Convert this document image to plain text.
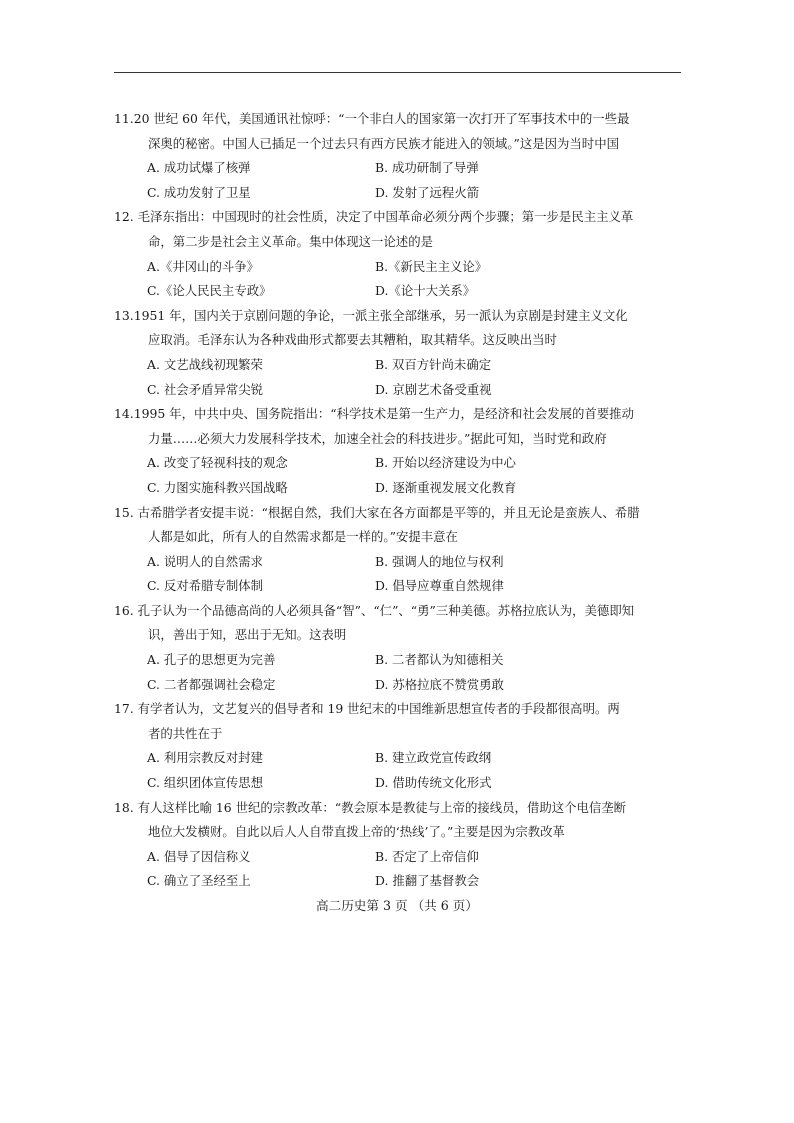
11.20 世纪 60 年代，美国通讯社惊呼：“一个非白人的国家第一次打开了军事技术中的一些最
深奥的秘密。中国人已插足一个过去只有西方民族才能进入的领域。”这是因为当时中国

A. 成功试爆了核弹	B. 成功研制了导弹
C. 成功发射了卫星	D. 发射了远程火箭

12. 毛泽东指出：中国现时的社会性质，决定了中国革命必须分两个步骤；第一步是民主主义革
命，第二步是社会主义革命。集中体现这一论述的是

A.《井冈山的斗争》	B.《新民主主义论》
C.《论人民民主专政》	D.《论十大关系》

13.1951 年，国内关于京剧问题的争论，一派主张全部继承，另一派认为京剧是封建主义文化
应取消。毛泽东认为各种戏曲形式都要去其糟粕，取其精华。这反映出当时

A. 文艺战线初现繁荣	B. 双百方针尚未确定
C. 社会矛盾异常尖锐	D. 京剧艺术备受重视

14.1995 年，中共中央、国务院指出：“科学技术是第一生产力，是经济和社会发展的首要推动
力量……必须大力发展科学技术，加速全社会的科技进步。”据此可知，当时党和政府

A. 改变了轻视科技的观念	B. 开始以经济建设为中心
C. 力图实施科教兴国战略	D. 逐渐重视发展文化教育

15. 古希腊学者安提丰说：“根据自然，我们大家在各方面都是平等的，并且无论是蛮族人、希腊
人都是如此，所有人的自然需求都是一样的。”安提丰意在

A. 说明人的自然需求	B. 强调人的地位与权利
C. 反对希腊专制体制	D. 倡导应尊重自然规律

16. 孔子认为一个品德高尚的人必须具备“智”、“仁”、“勇”三种美德。苏格拉底认为，美德即知
识，善出于知，恶出于无知。这表明

A. 孔子的思想更为完善	B. 二者都认为知德相关
C. 二者都强调社会稳定	D. 苏格拉底不赞赏勇敢

17. 有学者认为，文艺复兴的倡导者和 19 世纪末的中国维新思想宣传者的手段都很高明。两
者的共性在于

A. 利用宗教反对封建	B. 建立政党宣传政纲
C. 组织团体宣传思想	D. 借助传统文化形式

18. 有人这样比喻 16 世纪的宗教改革：“教会原本是教徒与上帝的接线员，借助这个电信垄断
地位大发横财。自此以后人人自带直拨上帝的‘热线’了。”主要是因为宗教改革

A. 倡导了因信称义	B. 否定了上帝信仰
C. 确立了圣经至上	D. 推翻了基督教会
高二历史第 3 页 （共 6 页）
